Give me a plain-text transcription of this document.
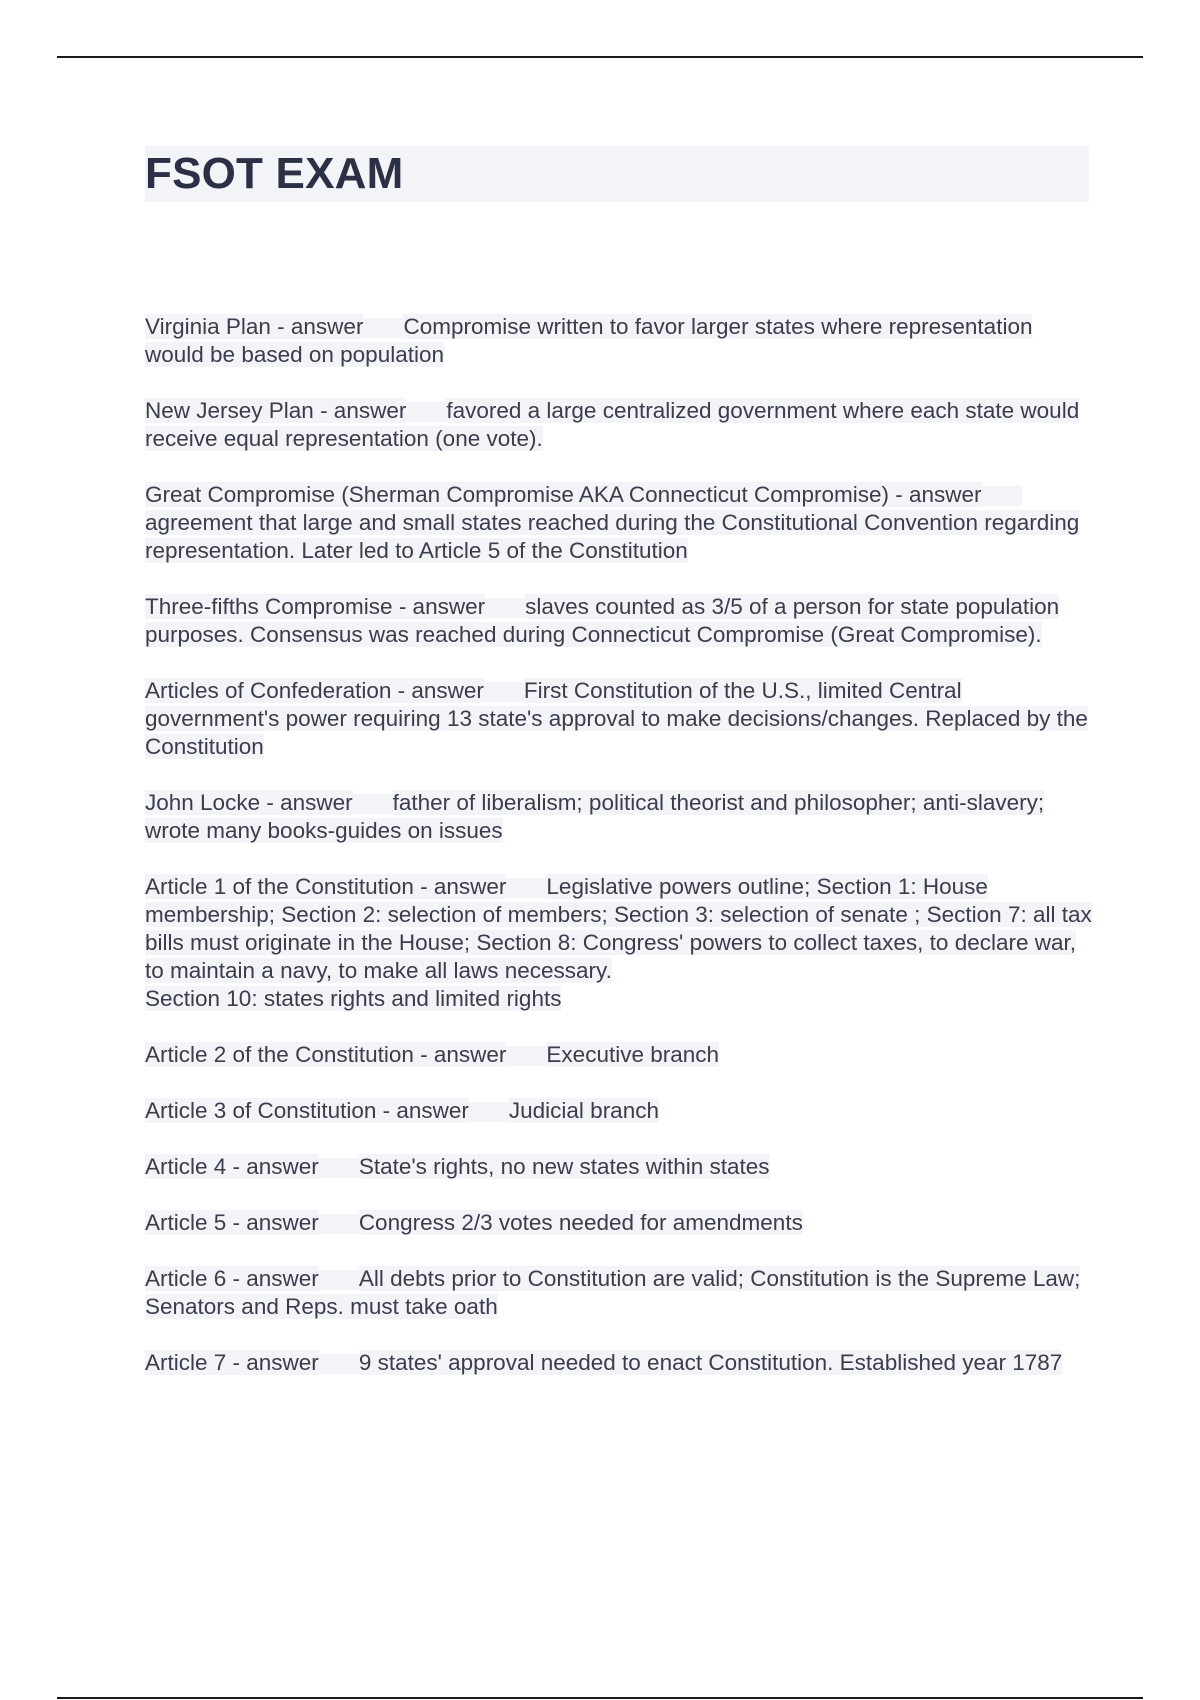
FSOT EXAM

Virginia Plan - answer Compromise written to favor larger states where representation would be based on population

New Jersey Plan - answer favored a large centralized government where each state would receive equal representation (one vote).

Great Compromise (Sherman Compromise AKA Connecticut Compromise) - answeragreement that large and small states reached during the Constitutional Convention regarding representation. Later led to Article 5 of the Constitution

Three-fifths Compromise - answer slaves counted as 3/5 of a person for state population purposes. Consensus was reached during Connecticut Compromise (Great Compromise).

Articles of Confederation - answer First Constitution of the U.S., limited Central government's power requiring 13 state's approval to make decisions/changes. Replaced by the Constitution

John Locke - answer father of liberalism; political theorist and philosopher; anti-slavery; wrote many books-guides on issues

Article 1 of the Constitution - answer Legislative powers outline; Section 1: House membership; Section 2: selection of members; Section 3: selection of senate ; Section 7: all tax bills must originate in the House; Section 8: Congress' powers to collect taxes, to declare war, to maintain a navy, to make all laws necessary.
Section 10: states rights and limited rights

Article 2 of the Constitution - answer Executive branch

Article 3 of Constitution - answer Judicial branch

Article 4 - answer State's rights, no new states within states

Article 5 - answer Congress 2/3 votes needed for amendments

Article 6 - answer All debts prior to Constitution are valid; Constitution is the Supreme Law; Senators and Reps. must take oath

Article 7 - answer 9 states' approval needed to enact Constitution. Established year 1787
